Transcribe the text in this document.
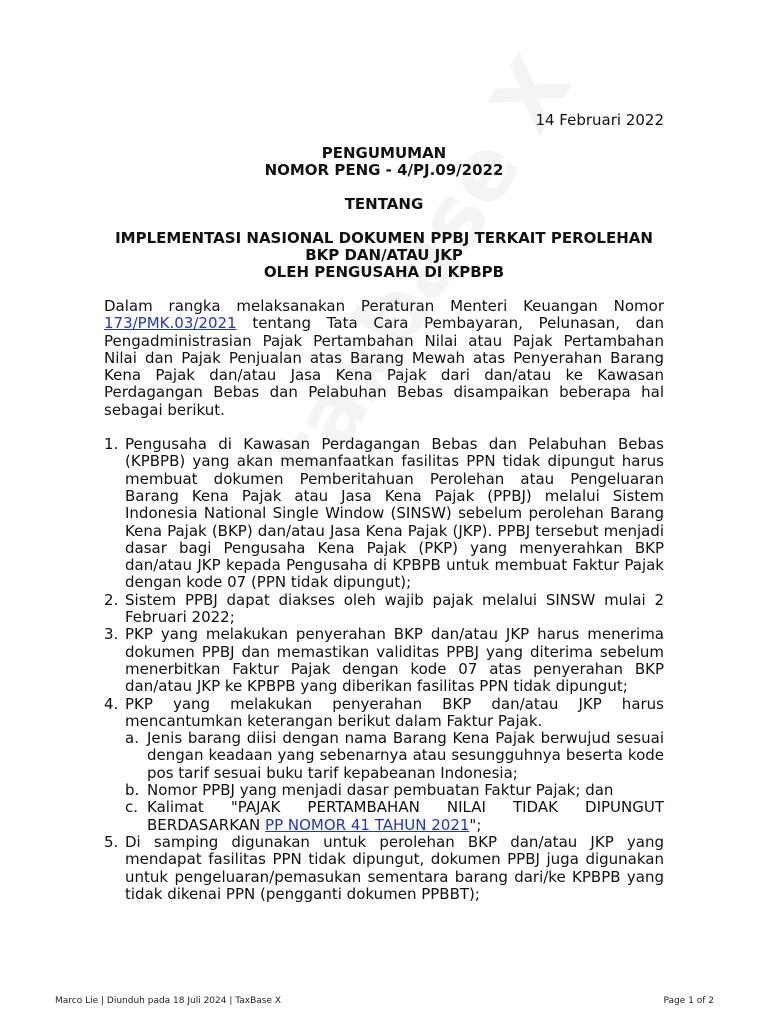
14 Februari 2022
PENGUMUMAN
NOMOR PENG - 4/PJ.09/2022
TENTANG
IMPLEMENTASI NASIONAL DOKUMEN PPBJ TERKAIT PEROLEHAN
BKP DAN/ATAU JKP
OLEH PENGUSAHA DI KPBPB

Dalam rangka melaksanakan Peraturan Menteri Keuangan Nomor 173/PMK.03/2021 tentang Tata Cara Pembayaran, Pelunasan, dan Pengadministrasian Pajak Pertambahan Nilai atau Pajak Pertambahan Nilai dan Pajak Penjualan atas Barang Mewah atas Penyerahan Barang Kena Pajak dan/atau Jasa Kena Pajak dari dan/atau ke Kawasan Perdagangan Bebas dan Pelabuhan Bebas disampaikan beberapa hal sebagai berikut.

1. Pengusaha di Kawasan Perdagangan Bebas dan Pelabuhan Bebas (KPBPB) yang akan memanfaatkan fasilitas PPN tidak dipungut harus membuat dokumen Pemberitahuan Perolehan atau Pengeluaran Barang Kena Pajak atau Jasa Kena Pajak (PPBJ) melalui Sistem Indonesia National Single Window (SINSW) sebelum perolehan Barang Kena Pajak (BKP) dan/atau Jasa Kena Pajak (JKP). PPBJ tersebut menjadi dasar bagi Pengusaha Kena Pajak (PKP) yang menyerahkan BKP dan/atau JKP kepada Pengusaha di KPBPB untuk membuat Faktur Pajak dengan kode 07 (PPN tidak dipungut);
2. Sistem PPBJ dapat diakses oleh wajib pajak melalui SINSW mulai 2 Februari 2022;
3. PKP yang melakukan penyerahan BKP dan/atau JKP harus menerima dokumen PPBJ dan memastikan validitas PPBJ yang diterima sebelum menerbitkan Faktur Pajak dengan kode 07 atas penyerahan BKP dan/atau JKP ke KPBPB yang diberikan fasilitas PPN tidak dipungut;
4. PKP yang melakukan penyerahan BKP dan/atau JKP harus mencantumkan keterangan berikut dalam Faktur Pajak.
a. Jenis barang diisi dengan nama Barang Kena Pajak berwujud sesuai dengan keadaan yang sebenarnya atau sesungguhnya beserta kode pos tarif sesuai buku tarif kepabeanan Indonesia;
b. Nomor PPBJ yang menjadi dasar pembuatan Faktur Pajak; dan
c. Kalimat "PAJAK PERTAMBAHAN NILAI TIDAK DIPUNGUT BERDASARKAN PP NOMOR 41 TAHUN 2021";
5. Di samping digunakan untuk perolehan BKP dan/atau JKP yang mendapat fasilitas PPN tidak dipungut, dokumen PPBJ juga digunakan untuk pengeluaran/pemasukan sementara barang dari/ke KPBPB yang tidak dikenai PPN (pengganti dokumen PPBBT);
Marco Lie | Diunduh pada 18 Juli 2024 | TaxBase X	Page 1 of 2
